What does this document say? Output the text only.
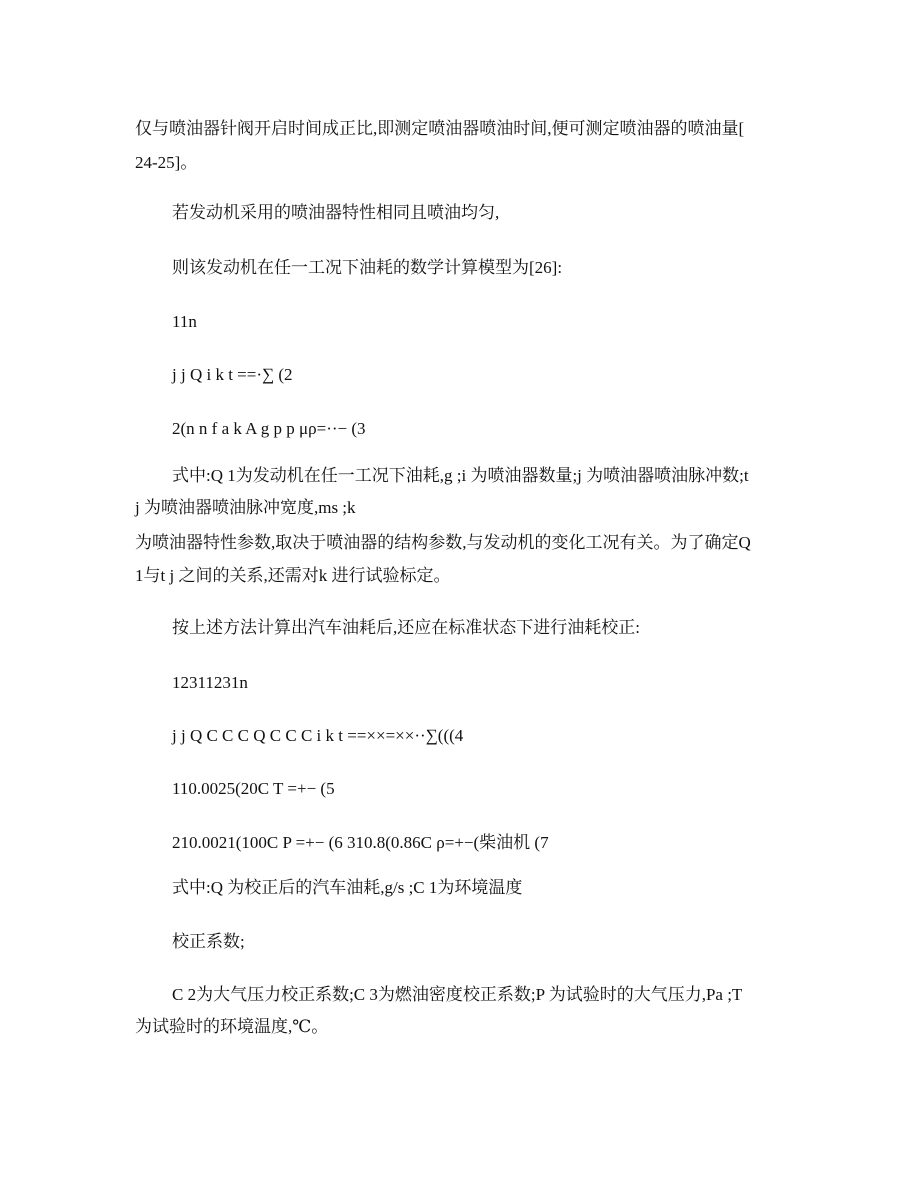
仅与喷油器针阀开启时间成正比,即测定喷油器喷油时间,便可测定喷油器的喷油量[
24-25]。
若发动机采用的喷油器特性相同且喷油均匀,
则该发动机在任一工况下油耗的数学计算模型为[26]:
11n
j j Q i k t ==·∑ (2
2(n n f a k A g p p μρ=··− (3
式中:Q 1为发动机在任一工况下油耗,g ;i 为喷油器数量;j 为喷油器喷油脉冲数;t
j 为喷油器喷油脉冲宽度,ms ;k
为喷油器特性参数,取决于喷油器的结构参数,与发动机的变化工况有关。为了确定Q
1与t j 之间的关系,还需对k 进行试验标定。
按上述方法计算出汽车油耗后,还应在标准状态下进行油耗校正:
12311231n
j j Q C C C Q C C C i k t ==××=××··∑(((4
110.0025(20C T =+− (5
210.0021(100C P =+− (6 310.8(0.86C ρ=+−(柴油机 (7
式中:Q 为校正后的汽车油耗,g/s ;C 1为环境温度
校正系数;
C 2为大气压力校正系数;C 3为燃油密度校正系数;P 为试验时的大气压力,Pa ;T
为试验时的环境温度,℃。
